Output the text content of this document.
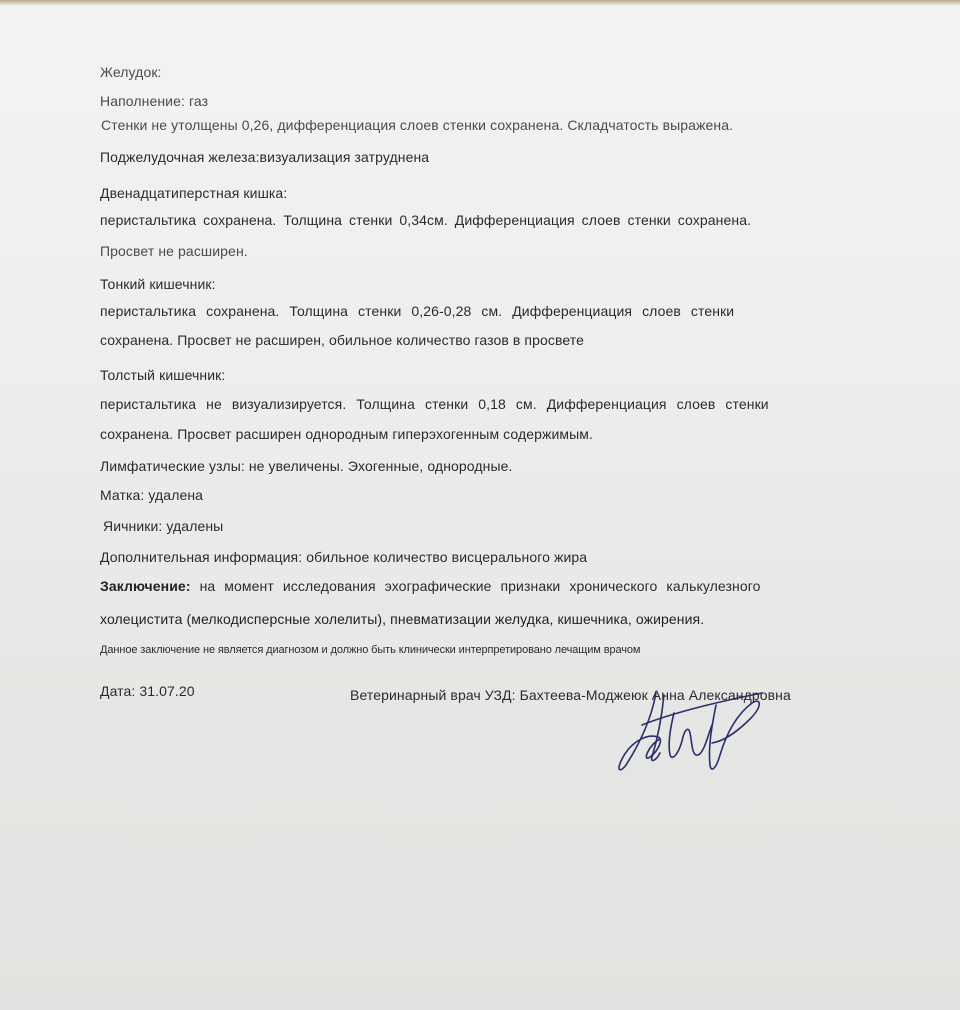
Желудок:
Наполнение: газ
Стенки не утолщены 0,26, дифференциация слоев стенки сохранена. Складчатость выражена.
Поджелудочная железа:визуализация затруднена
Двенадцатиперстная кишка:
перистальтика сохранена. Толщина стенки 0,34см. Дифференциация слоев стенки сохранена.
Просвет не расширен.
Тонкий кишечник:
перистальтика сохранена. Толщина стенки 0,26-0,28 см. Дифференциация слоев стенки
сохранена. Просвет не расширен, обильное количество газов в просвете
Толстый кишечник:
перистальтика не визуализируется. Толщина стенки 0,18 см. Дифференциация слоев стенки
сохранена. Просвет расширен однородным гиперэхогенным содержимым.
Лимфатические узлы: не увеличены. Эхогенные, однородные.
Матка: удалена
Яичники: удалены
Дополнительная информация: обильное количество висцерального жира
Заключение: на момент исследования эхографические признаки хронического калькулезного
холецистита (мелкодисперсные холелиты), пневматизации желудка, кишечника, ожирения.
Данное заключение не является диагнозом и должно быть клинически интерпретировано лечащим врачом
Дата: 31.07.20	Ветеринарный врач УЗД: Бахтеева-Моджеюк Анна Александровна
